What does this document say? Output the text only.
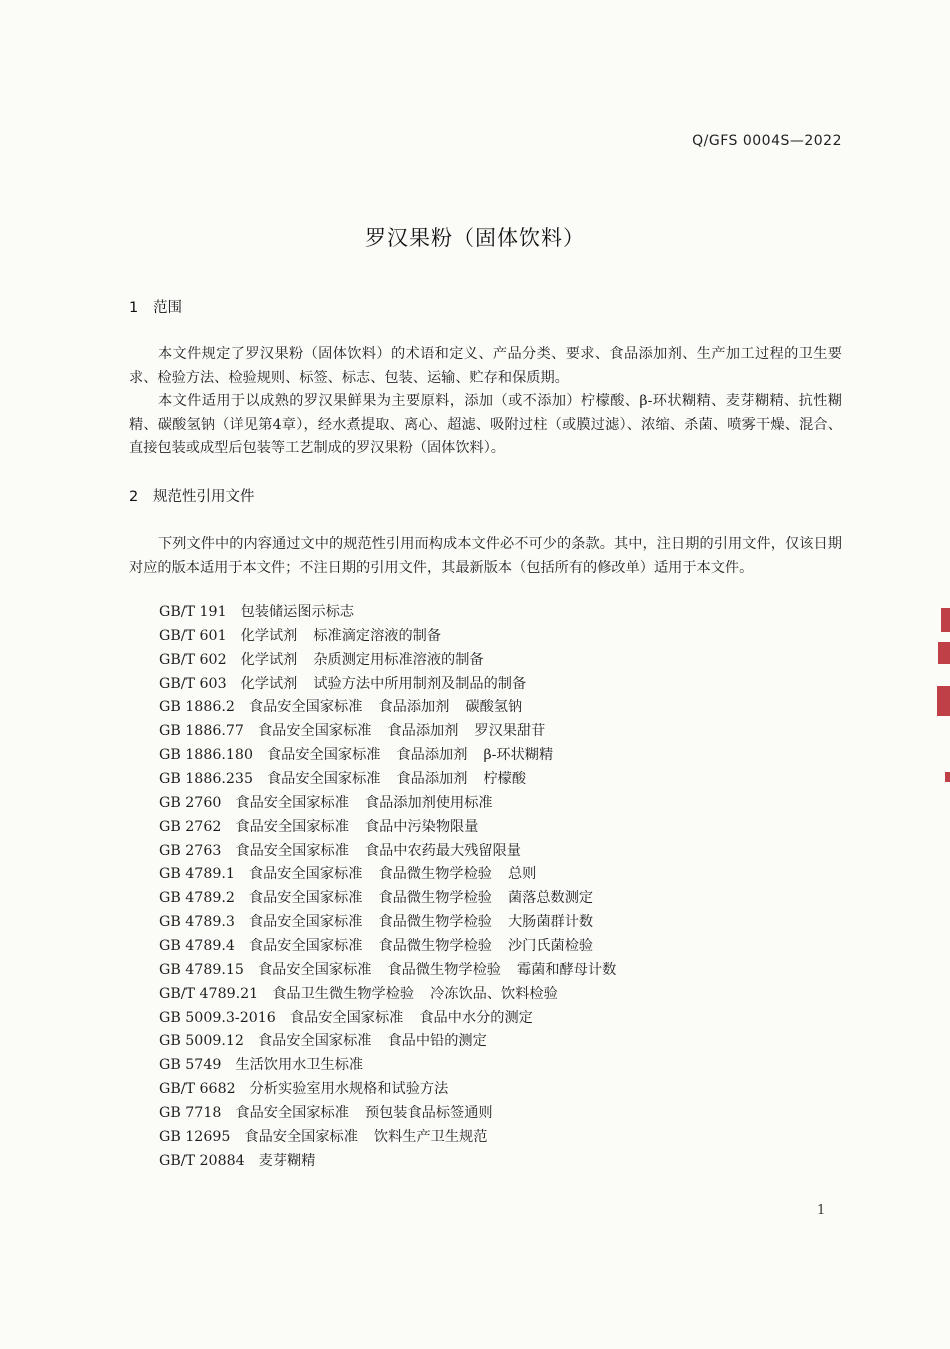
Q/GFS 0004S—2022
罗汉果粉（固体饮料）
1 范围

本文件规定了罗汉果粉（固体饮料）的术语和定义、产品分类、要求、食品添加剂、生产加工过程的卫生要求、检验方法、检验规则、标签、标志、包装、运输、贮存和保质期。

本文件适用于以成熟的罗汉果鲜果为主要原料，添加（或不添加）柠檬酸、β-环状糊精、麦芽糊精、抗性糊精、碳酸氢钠（详见第4章），经水煮提取、离心、超滤、吸附过柱（或膜过滤）、浓缩、杀菌、喷雾干燥、混合、直接包装或成型后包装等工艺制成的罗汉果粉（固体饮料）。

2 规范性引用文件

下列文件中的内容通过文中的规范性引用而构成本文件必不可少的条款。其中，注日期的引用文件，仅该日期对应的版本适用于本文件；不注日期的引用文件，其最新版本（包括所有的修改单）适用于本文件。

GB/T 191 包装储运图示标志
GB/T 601 化学试剂 标准滴定溶液的制备
GB/T 602 化学试剂 杂质测定用标准溶液的制备
GB/T 603 化学试剂 试验方法中所用制剂及制品的制备
GB 1886.2 食品安全国家标准 食品添加剂 碳酸氢钠
GB 1886.77 食品安全国家标准 食品添加剂 罗汉果甜苷
GB 1886.180 食品安全国家标准 食品添加剂 β-环状糊精
GB 1886.235 食品安全国家标准 食品添加剂 柠檬酸
GB 2760 食品安全国家标准 食品添加剂使用标准
GB 2762 食品安全国家标准 食品中污染物限量
GB 2763 食品安全国家标准 食品中农药最大残留限量
GB 4789.1 食品安全国家标准 食品微生物学检验 总则
GB 4789.2 食品安全国家标准 食品微生物学检验 菌落总数测定
GB 4789.3 食品安全国家标准 食品微生物学检验 大肠菌群计数
GB 4789.4 食品安全国家标准 食品微生物学检验 沙门氏菌检验
GB 4789.15 食品安全国家标准 食品微生物学检验 霉菌和酵母计数
GB/T 4789.21 食品卫生微生物学检验 冷冻饮品、饮料检验
GB 5009.3-2016 食品安全国家标准 食品中水分的测定
GB 5009.12 食品安全国家标准 食品中铅的测定
GB 5749 生活饮用水卫生标准
GB/T 6682 分析实验室用水规格和试验方法
GB 7718 食品安全国家标准 预包装食品标签通则
GB 12695 食品安全国家标准 饮料生产卫生规范
GB/T 20884 麦芽糊精
1
